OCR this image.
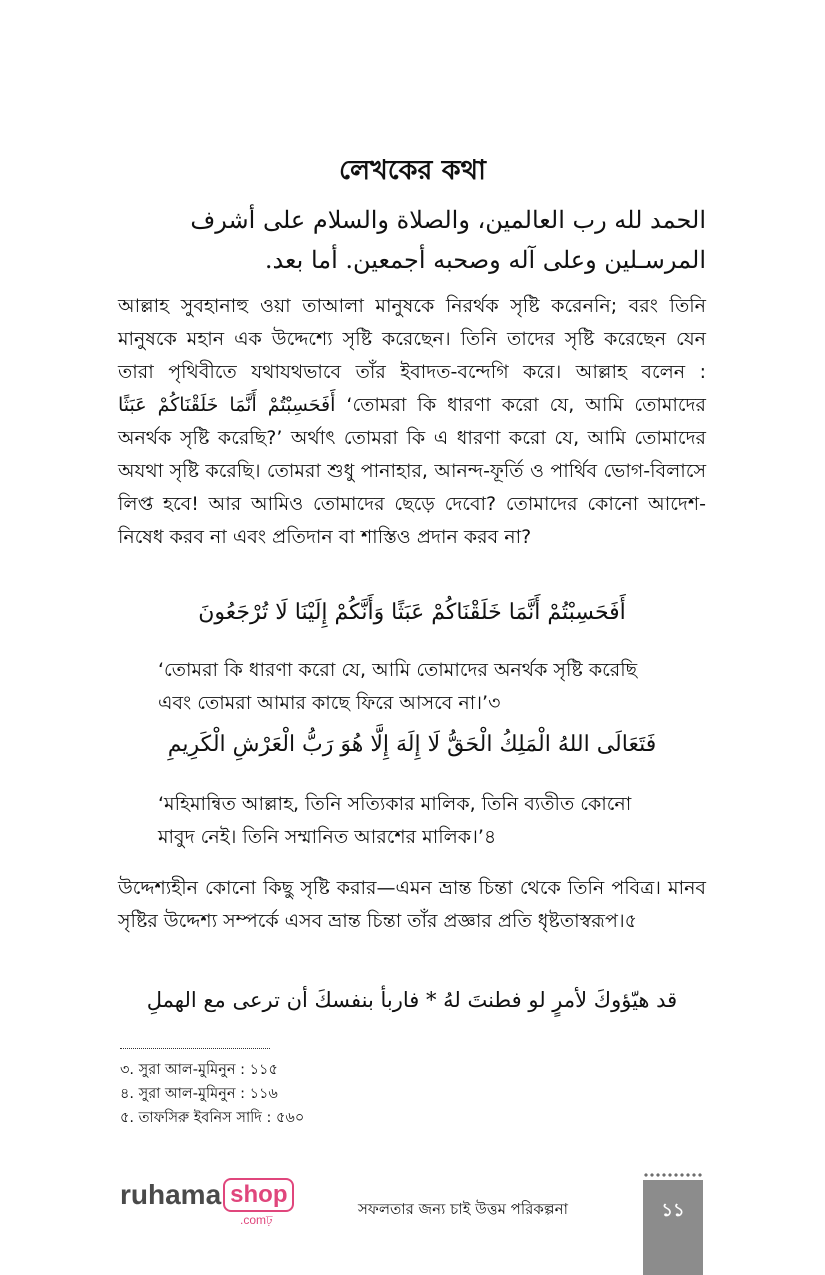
লেখকের কথা
الحمد لله رب العالمين، والصلاة والسلام على أشرف المرسـلين وعلى آله وصحبه أجمعين. أما بعد.
আল্লাহ সুবহানাহু ওয়া তাআলা মানুষকে নিরর্থক সৃষ্টি করেননি; বরং তিনি মানুষকে মহান এক উদ্দেশ্যে সৃষ্টি করেছেন। তিনি তাদের সৃষ্টি করেছেন যেন তারা পৃথিবীতে যথাযথভাবে তাঁর ইবাদত-বন্দেগি করে। আল্লাহ বলেন : أَفَحَسِبْتُمْ أَنَّمَا خَلَقْنَاكُمْ عَبَثًا ‘তোমরা কি ধারণা করো যে, আমি তোমাদের অনর্থক সৃষ্টি করেছি?’ অর্থাৎ তোমরা কি এ ধারণা করো যে, আমি তোমাদের অযথা সৃষ্টি করেছি। তোমরা শুধু পানাহার, আনন্দ-ফূর্তি ও পার্থিব ভোগ-বিলাসে লিপ্ত হবে! আর আমিও তোমাদের ছেড়ে দেবো? তোমাদের কোনো আদেশ-নিষেধ করব না এবং প্রতিদান বা শাস্তিও প্রদান করব না?
أَفَحَسِبْتُمْ أَنَّمَا خَلَقْنَاكُمْ عَبَثًا وَأَنَّكُمْ إِلَيْنَا لَا تُرْجَعُونَ
‘তোমরা কি ধারণা করো যে, আমি তোমাদের অনর্থক সৃষ্টি করেছি এবং তোমরা আমার কাছে ফিরে আসবে না।’৩
فَتَعَالَى اللهُ الْمَلِكُ الْحَقُّ لَا إِلَهَ إِلَّا هُوَ رَبُّ الْعَرْشِ الْكَرِيمِ
‘মহিমান্বিত আল্লাহ, তিনি সত্যিকার মালিক, তিনি ব্যতীত কোনো মাবুদ নেই। তিনি সম্মানিত আরশের মালিক।’৪
উদ্দেশ্যহীন কোনো কিছু সৃষ্টি করার—এমন ভ্রান্ত চিন্তা থেকে তিনি পবিত্র। মানব সৃষ্টির উদ্দেশ্য সম্পর্কে এসব ভ্রান্ত চিন্তা তাঁর প্রজ্ঞার প্রতি ধৃষ্টতাস্বরূপ।৫
قد هيّؤوكَ لأمرٍ لو فطنتَ لهُ * فاربأ بنفسكَ أن ترعى مع الهملِ
৩. সুরা আল-মুমিনুন : ১১৫
৪. সুরা আল-মুমিনুন : ১১৬
৫. তাফসিরু ইবনিস সাদি : ৫৬০
ruhama shop
.comঢ়
সফলতার জন্য চাই উত্তম পরিকল্পনা	১১
